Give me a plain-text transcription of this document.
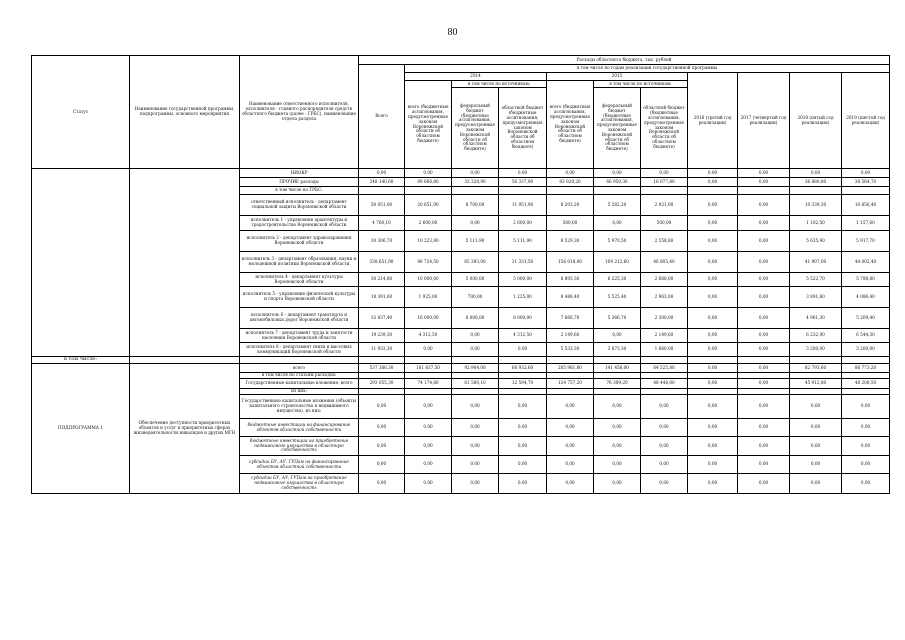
80
Статус	Наименование государственной программы, подпрограммы, основного мероприятия	Наименование ответственного исполнителя, исполнителя - главного распорядителя средств областного бюджета (далее - ГРБС), наименование отдела раздела	Расходы областного бюджета, тыс. рублей										
			Всего	в том числе по годам реализации государственной программы									
				2014			2015			2016 (третий год реализации)	2017 (четвертый год реализации)	2018 (пятый год реализации)	2019 (шестой год реализации)
				всего (бюджетные ассигнования, предусмотренные законом Воронежской области об областном бюджете)	в том числе по источникам:		всего (бюджетные ассигнования, предусмотренные законом Воронежской области об областном бюджете)	в том числе по источникам:					
					федеральный бюджет (бюджетные ассигнования, предусмотренные законом Воронежской области об областном бюджете)	областной бюджет (бюджетные ассигнования, предусмотренные законом Воронежской области об областном бюджете)		федеральный бюджет (бюджетные ассигнования, предусмотренные законом Воронежской области об областном бюджете)	областной бюджет (бюджетные ассигнования, предусмотренные законом Воронежской области об областном бюджете)				
		НИОКР	0,00	0,00	0,00	0,00	0,00	0,00	0,00	0,00	0,00	0,00	0,00
		ПРОЧИЕ расходы	248 140,60	89 666,80	33 328,90	56 337,90	83 028,20	66 950,36	16 077,80	0,00	0,00	36 880,80	38 564,70
		в том числе по ГРБС:											
		ответственный исполнитель - департамент социальной защиты Воронежской области	50 051,00	20 651,90	8 700,00	11 951,90	8 203,20	5 282,20	2 921,00	0,00	0,00	10 339,30	10 856,40
		исполнитель 1 - управление архитектуры и градостроительства Воронежской области	4 760,10	2 600,00	0,00	2 600,00	500,00	0,00	500,00	0,00	0,00	1 102,50	1 157,60
		исполнитель 2 - департамент здравоохранения Воронежской области	30 306,70	10 223,80	5 111,90	5 111,90	8 529,30	5 970,50	2 558,80	0,00	0,00	5 635,90	5 917,70
		исполнитель 3 - департамент образования, науки и молодежной политики Воронежской области	338 651,90	96 724,50	65 393,00	31 331,50	156 018,00	109 212,60	46 805,40	0,00	0,00	41 907,00	44 002,40
		исполнитель 4 - департамент культуры Воронежской области	30 214,80	10 000,00	5 000,00	5 000,00	8 893,30	6 225,30	2 668,00	0,00	0,00	5 522,70	5 798,80
		исполнитель 5 - управление физической культуры и спорта Воронежской области	18 391,60	1 925,00	700,00	1 225,00	8 488,40	5 525,40	2 963,00	0,00	0,00	3 891,80	4 086,40
		исполнитель 6 - департамент транспорта и автомобильных дорог Воронежской области	33 837,40	16 000,00	8 000,00	8 000,00	7 666,70	5 366,70	2 300,00	0,00	0,00	4 961,30	5 209,40
		исполнитель 7 - департамент труда и занятости населения Воронежской области	19 239,30	4 312,50	0,00	4 312,50	2 149,60	0,00	2 149,60	0,00	0,00	6 232,90	6 544,30
		исполнитель 8 - департамент связи и массовых коммуникаций Воронежской области	11 933,30	0,00	0,00	0,00	5 533,30	3 873,30	1 660,00	0,00	0,00	3 200,00	3 200,00
в том числе:													
ПОДПРОГРАММА 1	Обеспечение доступности приоритетных объектов и услуг в приоритетных сферах жизнедеятельности инвалидов и других МГН	всего	537 386,30	161 837,50	92 904,00	68 932,60	205 981,80	141 456,00	64 525,80	0,00	0,00	82 793,60	86 773,20
		в том числе по статьям расходов:											
		Государственные капитальные вложения, всего	293 055,30	74 174,80	61 580,10	12 594,70	124 757,20	76 309,20	48 448,00	0,00	0,00	45 912,80	48 208,50
		из них:											
		Государственные капитальные вложения (объекты капитального строительства и недвижимого имущества), из них:	0,00	0,00	0,00	0,00	0,00	0,00	0,00	0,00	0,00	0,00	0,00
		бюджетные инвестиции на финансирование объектов областной собственности	0,00	0,00	0,00	0,00	0,00	0,00	0,00	0,00	0,00	0,00	0,00
		бюджетные инвестиции на приобретение недвижимого имущества в областную собственность	0,00	0,00	0,00	0,00	0,00	0,00	0,00	0,00	0,00	0,00	0,00
		субсидии БУ, АУ, ГУПам на финансирование объектов областной собственности	0,00	0,00	0,00	0,00	0,00	0,00	0,00	0,00	0,00	0,00	0,00
		субсидии БУ, АУ, ГУПам на приобретение недвижимого имущества в областную собственность	0,00	0,00	0,00	0,00	0,00	0,00	0,00	0,00	0,00	0,00	0,00
